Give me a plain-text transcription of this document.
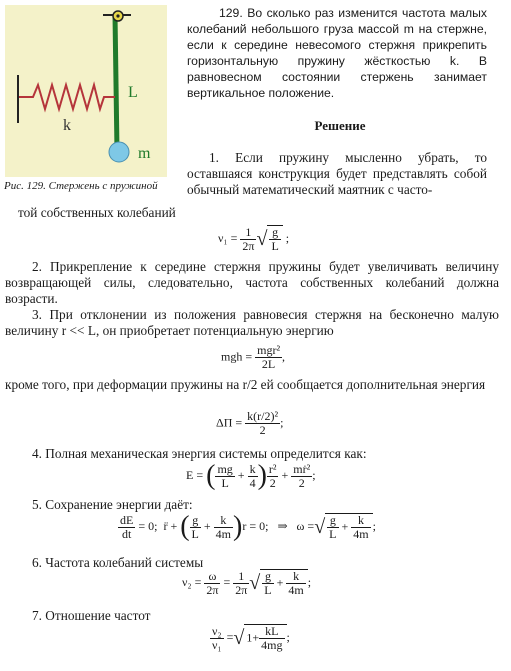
L
k
m
Рис. 129. Стержень с пружиной
129. Во сколько раз изменится частота малых колебаний небольшого груза массой m на стержне, если к середине невесомого стержня прикрепить горизонтальную пружину жёсткостью k. В равновесном состоянии стержень занимает вертикальное положение.
Решение
1. Если пружину мысленно убрать, то оставшаяся конструкция будет представлять собой обычный математический маятник с часто-
той собственных колебаний
$\nu_1 = \frac{1}{2\pi}$ √ $\frac{g}{L}$ ;
2. Прикрепление к середине стержня пружины будет увеличивать величину возвращающей силы, следовательно, частота собственных колебаний должна возрасти.
3. При отклонении из положения равновесия стержня на бесконечно малую величину r << L, он приобретает потенциальную энергию
mgh = $\frac{\text{mgr²}}{2L}$ ,
кроме того, при деформации пружины на r/2 ей сообщается дополнительная энергия
$\Delta\Pi = \frac{\text{k(r/2)²}}{2}$ ;
4. Полная механическая энергия системы определится как:
E = ( $\frac{mg}{L} + \frac{k}{4}$ ) $\frac{\text{r²}}{2} + \frac{\text{mṙ²}}{2}$ ;
5. Сохранение энергии даёт:
$\frac{dE}{dt} = 0$; r̈ + ( $\frac{g}{L} + \frac{k}{4m} )r = 0$; ⇒ ω =√ $\frac{g}{L} + \frac{k}{4m}$ ;
6. Частота колебаний системы
$\nu_2 = \frac{\omega}{2\pi} = \frac{1}{2\pi}$ √ $\frac{g}{L} + \frac{k}{4m}$ ;
7. Отношение частот
$\frac{\text{ν₂}}{\text{ν₁}}$ =√ $1+ \frac{kL}{4mg}$ ;
